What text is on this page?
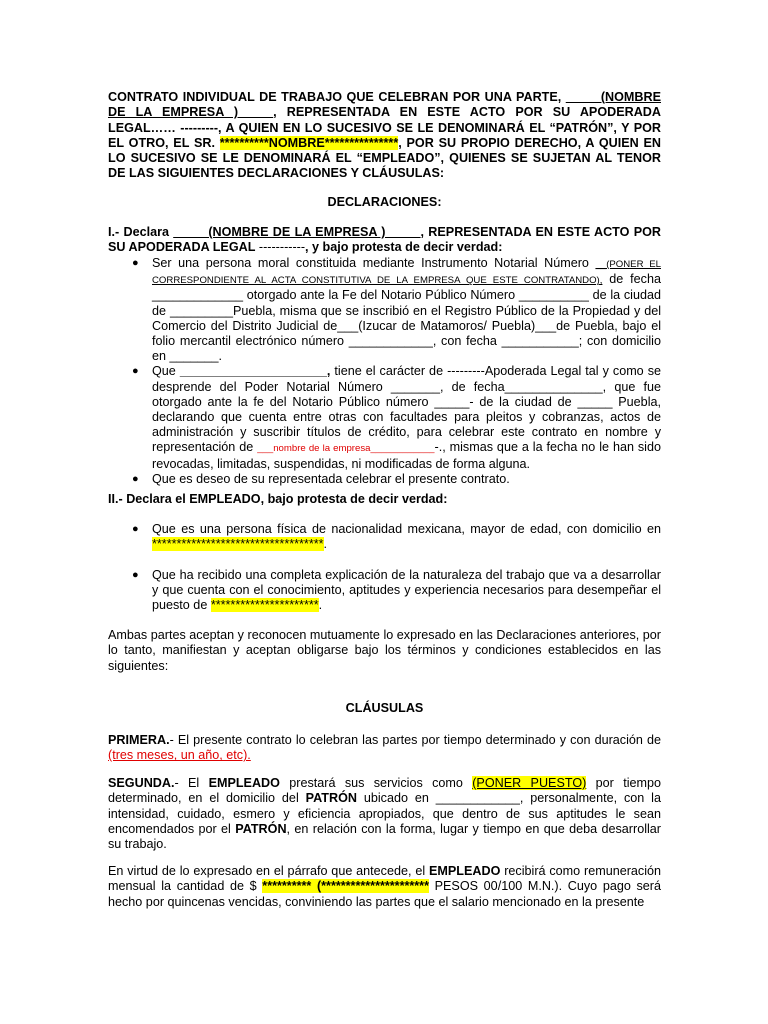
CONTRATO INDIVIDUAL DE TRABAJO QUE CELEBRAN POR UNA PARTE, _____(NOMBRE DE LA EMPRESA )_____, REPRESENTADA EN ESTE ACTO POR SU APODERADA LEGAL…… ---------, A QUIEN EN LO SUCESIVO SE LE DENOMINARÁ EL “PATRÓN”, Y POR EL OTRO, EL SR. **********NOMBRE***************, POR SU PROPIO DERECHO, A QUIEN EN LO SUCESIVO SE LE DENOMINARÁ EL “EMPLEADO”, QUIENES SE SUJETAN AL TENOR DE LAS SIGUIENTES DECLARACIONES Y CLÁUSULAS:
DECLARACIONES:
I.- Declara _____(NOMBRE DE LA EMPRESA )_____, REPRESENTADA EN ESTE ACTO POR SU APODERADA LEGAL -----------, y bajo protesta de decir verdad:
● Ser una persona moral constituida mediante Instrumento Notarial Número __(PONER EL CORRESPONDIENTE AL ACTA CONSTITUTIVA DE LA EMPRESA QUE ESTE CONTRATANDO), de fecha _____________ otorgado ante la Fe del Notario Público Número __________ de la ciudad de _________Puebla, misma que se inscribió en el Registro Público de la Propiedad y del Comercio del Distrito Judicial de___(Izucar de Matamoros/ Puebla)___de Puebla, bajo el folio mercantil electrónico número ____________, con fecha ___________; con domicilio en _______.
● Que _____________________, tiene el carácter de ---------Apoderada Legal tal y como se desprende del Poder Notarial Número _______, de fecha______________, que fue otorgado ante la fe del Notario Público número _____- de la ciudad de _____ Puebla, declarando que cuenta entre otras con facultades para pleitos y cobranzas, actos de administración y suscribir títulos de crédito, para celebrar este contrato en nombre y representación de ___nombre de la empresa____________-., mismas que a la fecha no le han sido revocadas, limitadas, suspendidas, ni modificadas de forma alguna.
● Que es deseo de su representada celebrar el presente contrato.
II.- Declara el EMPLEADO, bajo protesta de decir verdad:
● Que es una persona física de nacionalidad mexicana, mayor de edad, con domicilio en ***********************************.
● Que ha recibido una completa explicación de la naturaleza del trabajo que va a desarrollar y que cuenta con el conocimiento, aptitudes y experiencia necesarios para desempeñar el puesto de **********************.
Ambas partes aceptan y reconocen mutuamente lo expresado en las Declaraciones anteriores, por lo tanto, manifiestan y aceptan obligarse bajo los términos y condiciones establecidos en las siguientes:
CLÁUSULAS
PRIMERA.- El presente contrato lo celebran las partes por tiempo determinado y con duración de (tres meses, un año, etc).
SEGUNDA.- El EMPLEADO prestará sus servicios como (PONER PUESTO) por tiempo determinado, en el domicilio del PATRÓN ubicado en ____________, personalmente, con la intensidad, cuidado, esmero y eficiencia apropiados, que dentro de sus aptitudes le sean encomendados por el PATRÓN, en relación con la forma, lugar y tiempo en que deba desarrollar su trabajo.
En virtud de lo expresado en el párrafo que antecede, el EMPLEADO recibirá como remuneración mensual la cantidad de $ ********** (********************** PESOS 00/100 M.N.). Cuyo pago será hecho por quincenas vencidas, conviniendo las partes que el salario mencionado en la presente
